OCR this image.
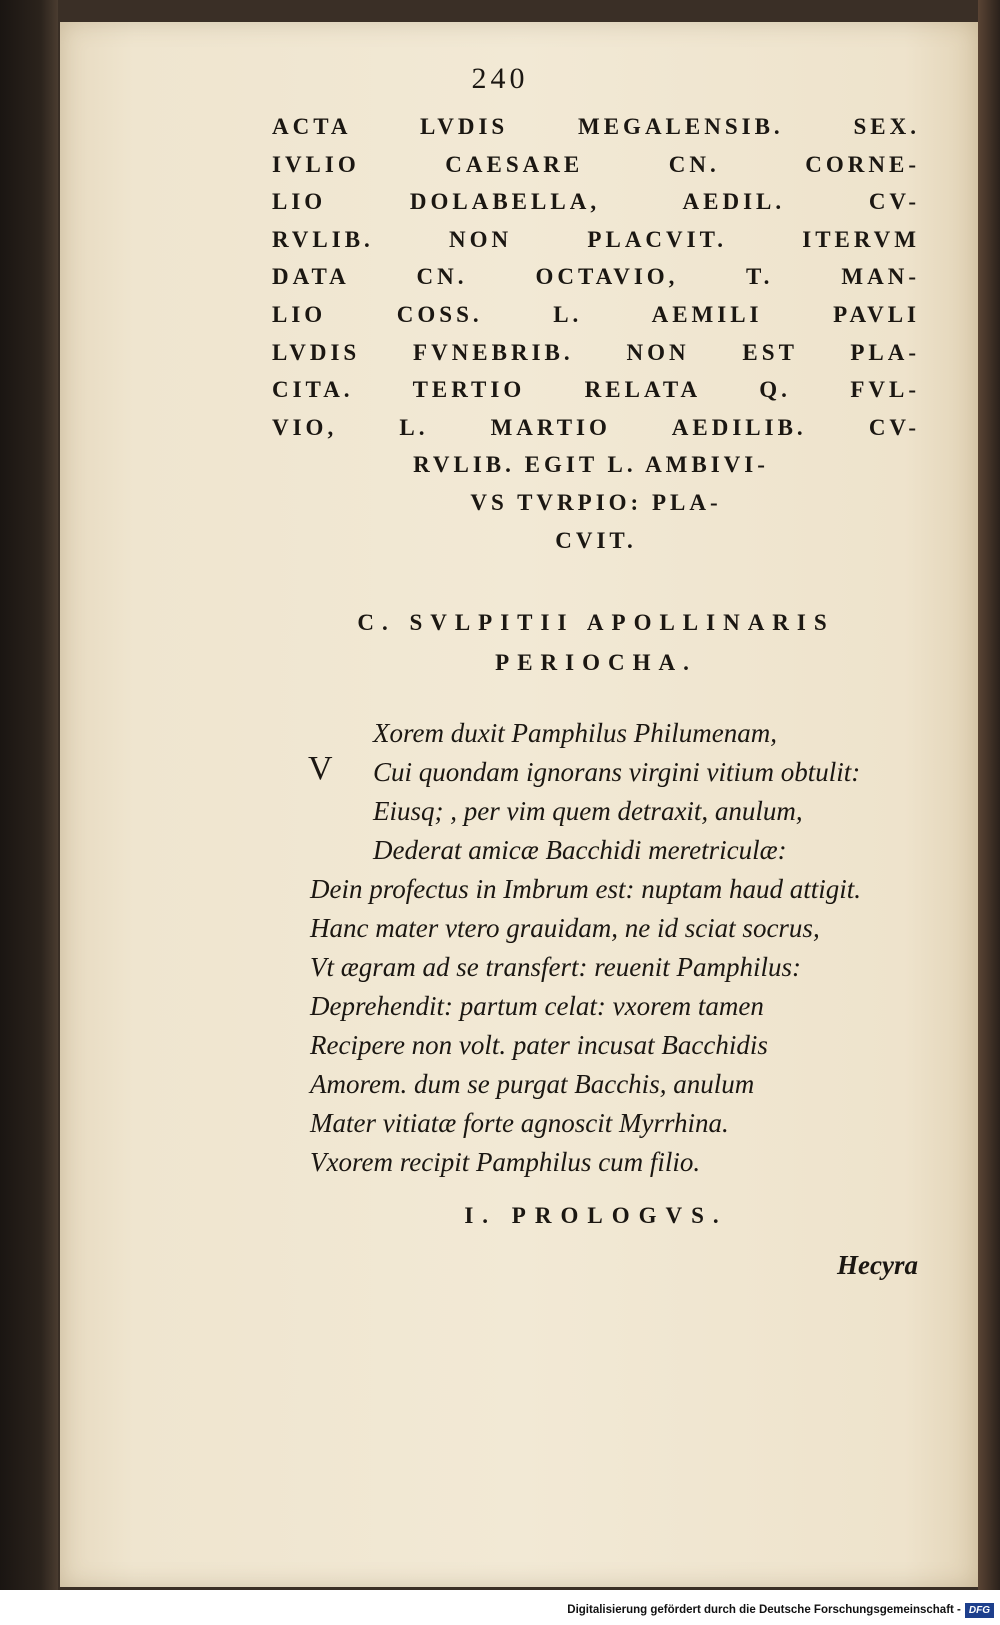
240
ACTA LVDIS MEGALENSIB. SEX.
IVLIO CAESARE CN. CORNE-
LIO DOLABELLA, AEDIL. CV-
RVLIB. NON PLACVIT. ITERVM
DATA CN. OCTAVIO, T. MAN-
LIO COSS. L. AEMILI PAVLI
LVDIS FVNEBRIB. NON EST PLA-
CITA. TERTIO RELATA Q. FVL-
VIO, L. MARTIO AEDILIB. CV-
RVLIB. EGIT L. AMBIVI-
VS TVRPIO: PLA-
CVIT.
C. SVLPITII APOLLINARIS
PERIOCHA.
V
Xorem duxit Pamphilus Philumenam,
Cui quondam ignorans virgini vitium obtulit:
Eiusq; , per vim quem detraxit, anulum,
Dederat amicæ Bacchidi meretriculæ:
Dein profectus in Imbrum est: nuptam haud attigit.
Hanc mater vtero grauidam, ne id sciat socrus,
Vt ægram ad se transfert: reuenit Pamphilus:
Deprehendit: partum celat: vxorem tamen
Recipere non volt. pater incusat Bacchidis
Amorem. dum se purgat Bacchis, anulum
Mater vitiatæ forte agnoscit Myrrhina.
Vxorem recipit Pamphilus cum filio.
I. PROLOGVS.
Hecyra
Digitalisierung gefördert durch die Deutsche Forschungsgemeinschaft - DFG
